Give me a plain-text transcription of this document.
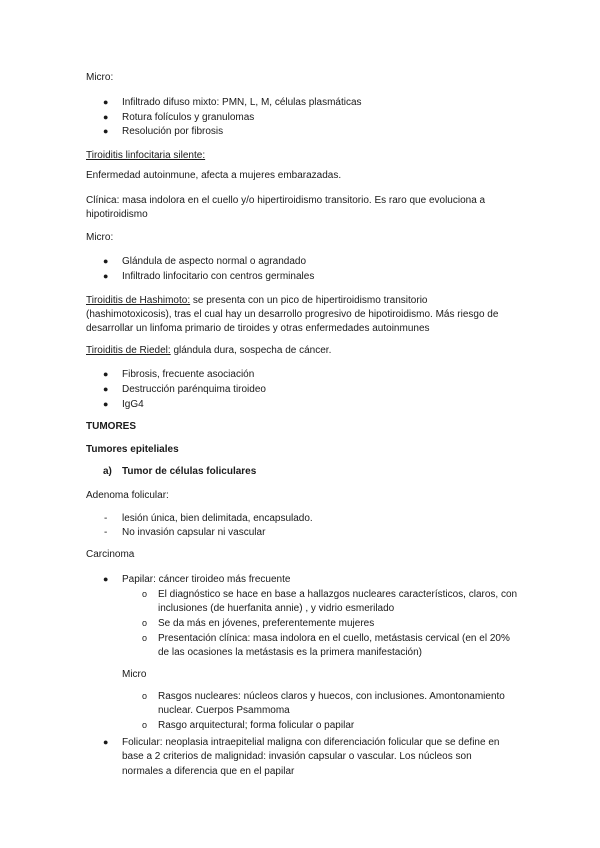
Micro:
● Infiltrado difuso mixto: PMN, L, M, células plasmáticas
● Rotura folículos y granulomas
● Resolución por fibrosis
Tiroiditis linfocitaria silente:
Enfermedad autoinmune, afecta a mujeres embarazadas.
Clínica: masa indolora en el cuello y/o hipertiroidismo transitorio. Es raro que evoluciona a
hipotiroidismo
Micro:
● Glándula de aspecto normal o agrandado
● Infiltrado linfocitario con centros germinales
Tiroiditis de Hashimoto: se presenta con un pico de hipertiroidismo transitorio
(hashimotoxicosis), tras el cual hay un desarrollo progresivo de hipotiroidismo. Más riesgo de
desarrollar un linfoma primario de tiroides y otras enfermedades autoinmunes
Tiroiditis de Riedel: glándula dura, sospecha de cáncer.
● Fibrosis, frecuente asociación
● Destrucción parénquima tiroideo
● IgG4
TUMORES
Tumores epiteliales
a) Tumor de células foliculares
Adenoma folicular:
- lesión única, bien delimitada, encapsulado.
- No invasión capsular ni vascular
Carcinoma
● Papilar: cáncer tiroideo más frecuente
o El diagnóstico se hace en base a hallazgos nucleares característicos, claros, con
inclusiones (de huerfanita annie) , y vidrio esmerilado
o Se da más en jóvenes, preferentemente mujeres
o Presentación clínica: masa indolora en el cuello, metástasis cervical (en el 20%
de las ocasiones la metástasis es la primera manifestación)
Micro
o Rasgos nucleares: núcleos claros y huecos, con inclusiones. Amontonamiento
nuclear. Cuerpos Psammoma
o Rasgo arquitectural; forma folicular o papilar
● Folicular: neoplasia intraepitelial maligna con diferenciación folicular que se define en
base a 2 criterios de malignidad: invasión capsular o vascular. Los núcleos son
normales a diferencia que en el papilar
